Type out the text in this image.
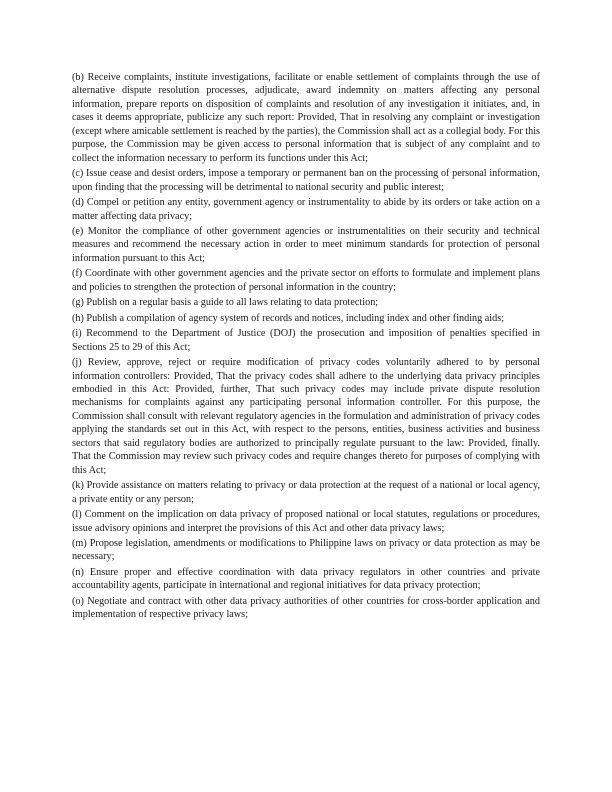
(b) Receive complaints, institute investigations, facilitate or enable settlement of complaints through the use of alternative dispute resolution processes, adjudicate, award indemnity on matters affecting any personal information, prepare reports on disposition of complaints and resolution of any investigation it initiates, and, in cases it deems appropriate, publicize any such report: Provided, That in resolving any complaint or investigation (except where amicable settlement is reached by the parties), the Commission shall act as a collegial body. For this purpose, the Commission may be given access to personal information that is subject of any complaint and to collect the information necessary to perform its functions under this Act;

(c) Issue cease and desist orders, impose a temporary or permanent ban on the processing of personal information, upon finding that the processing will be detrimental to national security and public interest;

(d) Compel or petition any entity, government agency or instrumentality to abide by its orders or take action on a matter affecting data privacy;

(e) Monitor the compliance of other government agencies or instrumentalities on their security and technical measures and recommend the necessary action in order to meet minimum standards for protection of personal information pursuant to this Act;

(f) Coordinate with other government agencies and the private sector on efforts to formulate and implement plans and policies to strengthen the protection of personal information in the country;

(g) Publish on a regular basis a guide to all laws relating to data protection;

(h) Publish a compilation of agency system of records and notices, including index and other finding aids;

(i) Recommend to the Department of Justice (DOJ) the prosecution and imposition of penalties specified in Sections 25 to 29 of this Act;

(j) Review, approve, reject or require modification of privacy codes voluntarily adhered to by personal information controllers: Provided, That the privacy codes shall adhere to the underlying data privacy principles embodied in this Act: Provided, further, That such privacy codes may include private dispute resolution mechanisms for complaints against any participating personal information controller. For this purpose, the Commission shall consult with relevant regulatory agencies in the formulation and administration of privacy codes applying the standards set out in this Act, with respect to the persons, entities, business activities and business sectors that said regulatory bodies are authorized to principally regulate pursuant to the law: Provided, finally. That the Commission may review such privacy codes and require changes thereto for purposes of complying with this Act;

(k) Provide assistance on matters relating to privacy or data protection at the request of a national or local agency, a private entity or any person;

(l) Comment on the implication on data privacy of proposed national or local statutes, regulations or procedures, issue advisory opinions and interpret the provisions of this Act and other data privacy laws;

(m) Propose legislation, amendments or modifications to Philippine laws on privacy or data protection as may be necessary;

(n) Ensure proper and effective coordination with data privacy regulators in other countries and private accountability agents, participate in international and regional initiatives for data privacy protection;

(o) Negotiate and contract with other data privacy authorities of other countries for cross-border application and implementation of respective privacy laws;
